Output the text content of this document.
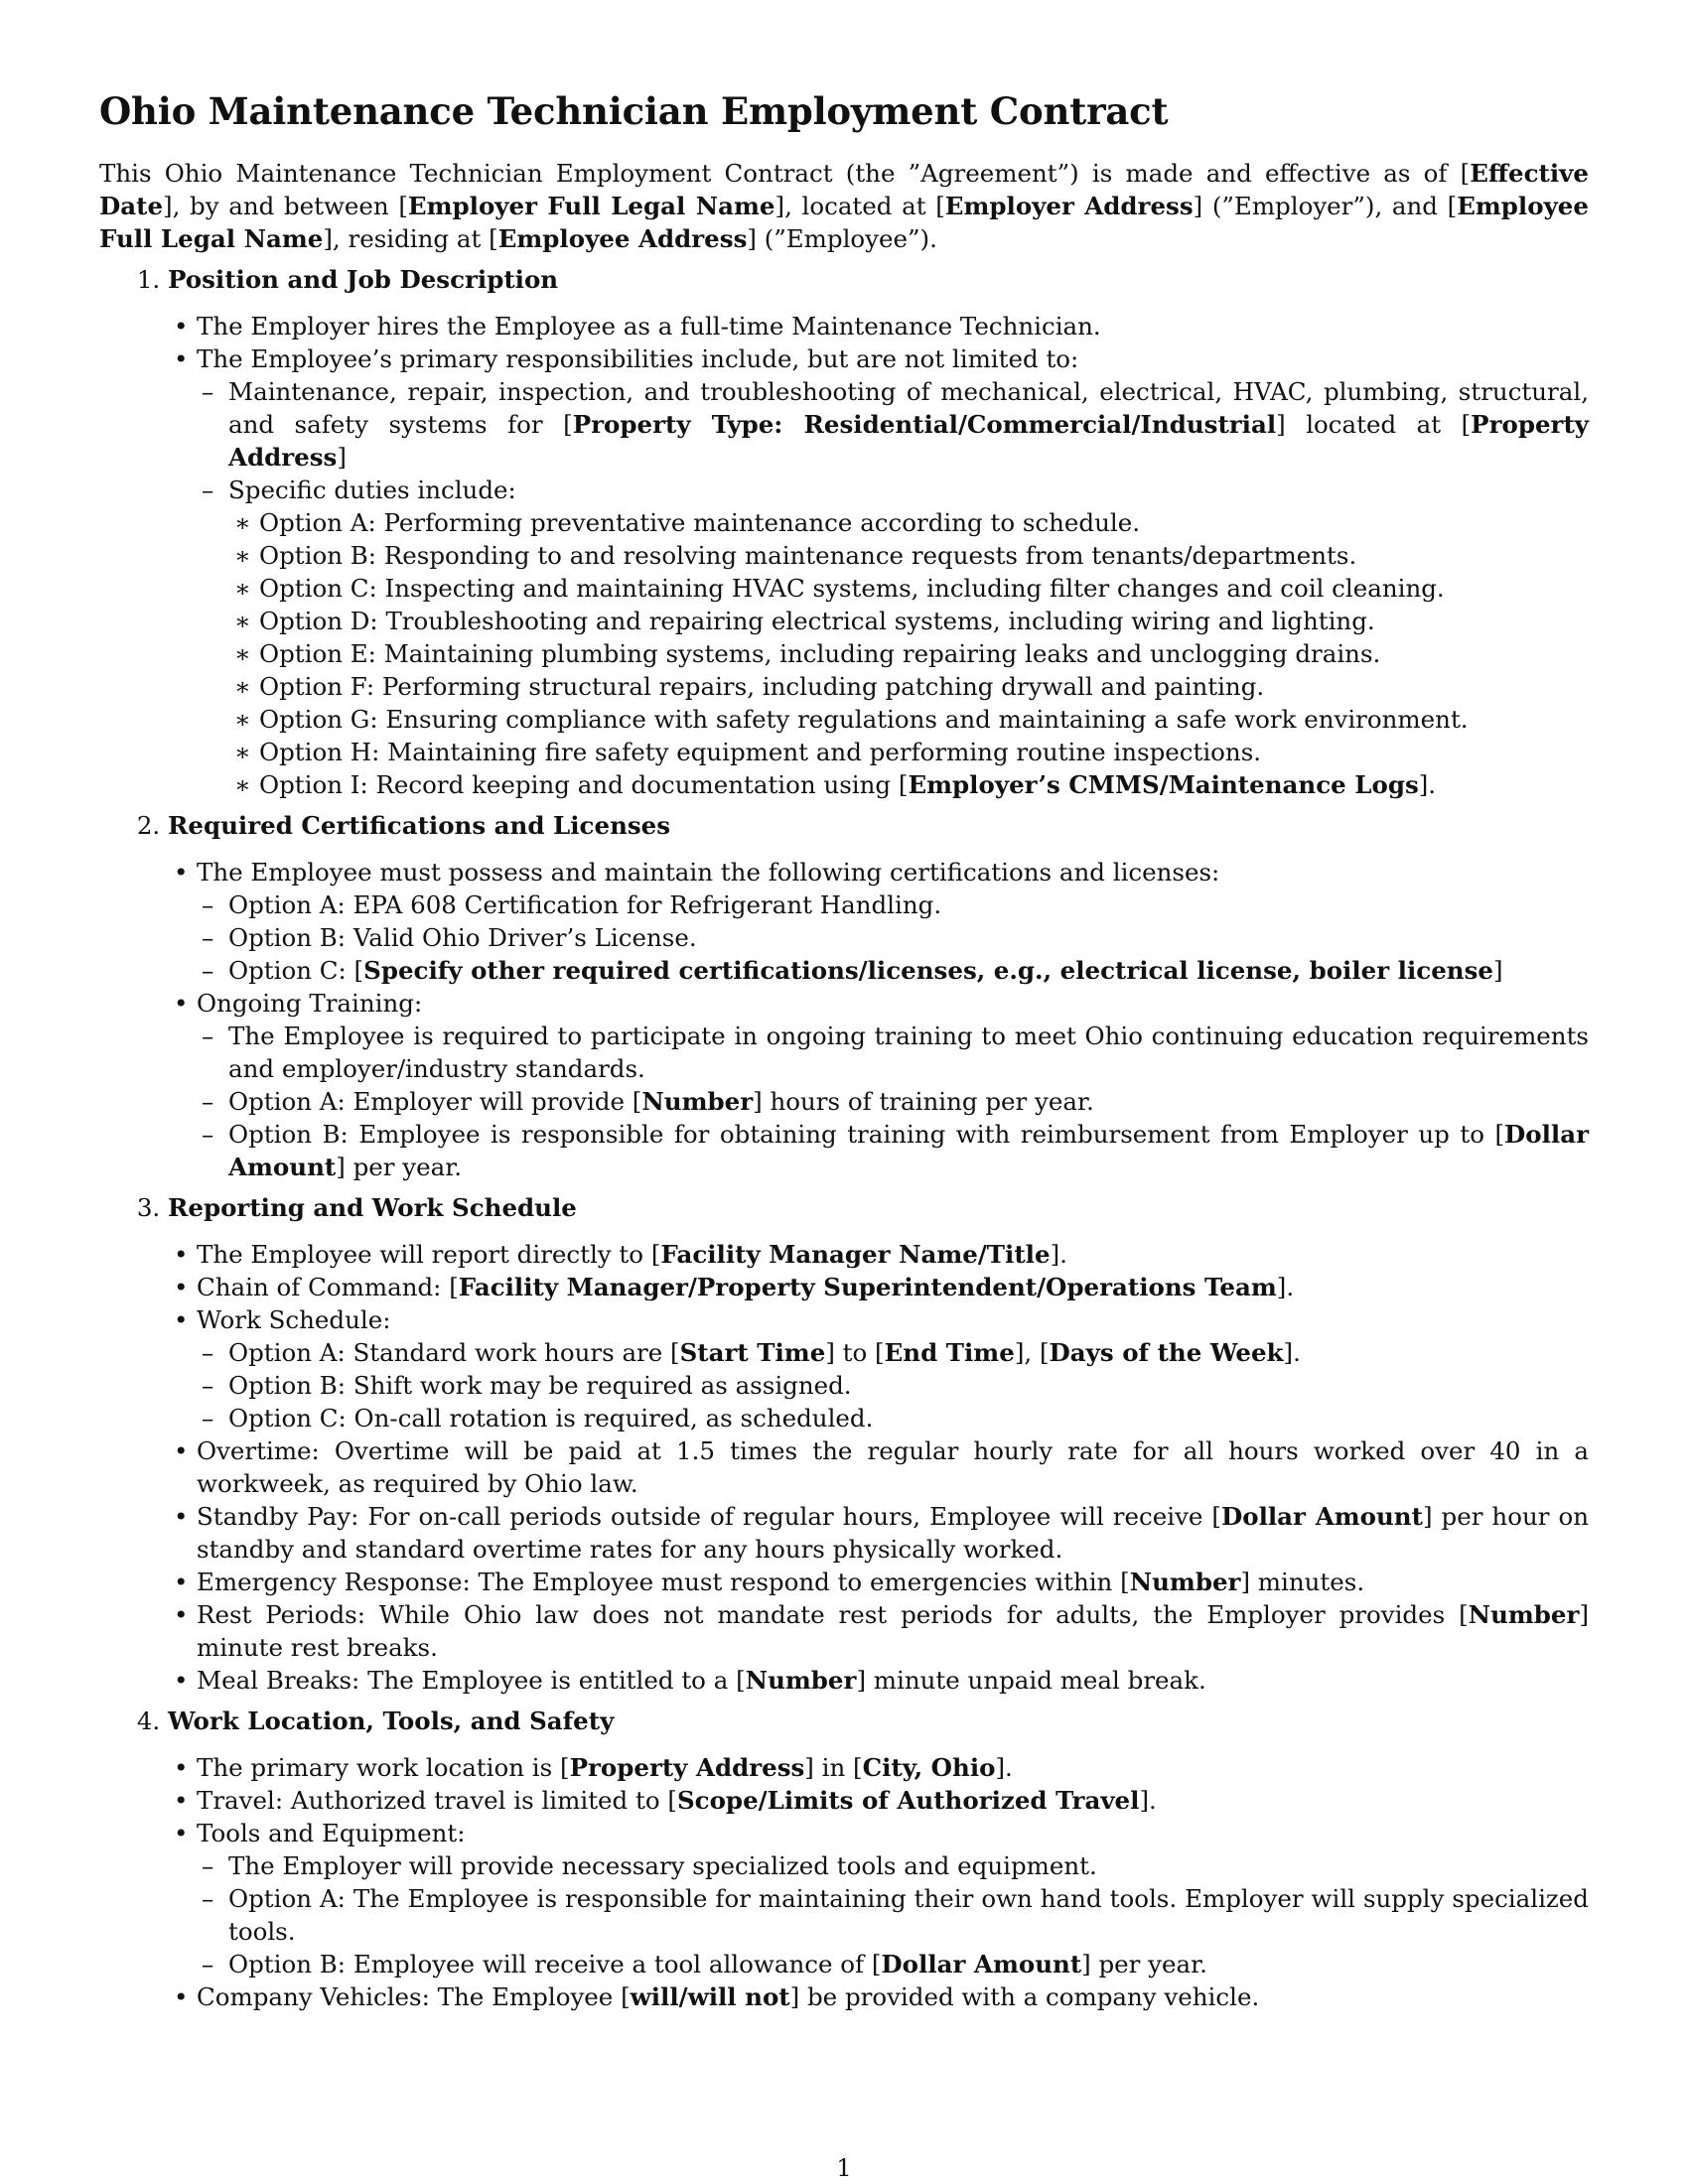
Ohio Maintenance Technician Employment Contract

This Ohio Maintenance Technician Employment Contract (the ”Agreement”) is made and effective as of [Effective Date], by and between [Employer Full Legal Name], located at [Employer Address] (”Employer”), and [Employee Full Legal Name], residing at [Employee Address] (”Employee”).

1. Position and Job Description
• The Employer hires the Employee as a full-time Maintenance Technician.
• The Employee’s primary responsibilities include, but are not limited to:
– Maintenance, repair, inspection, and troubleshooting of mechanical, electrical, HVAC, plumbing, structural, and safety systems for [Property Type: Residential/Commercial/Industrial] located at [Property Address]
– Specific duties include:
∗ Option A: Performing preventative maintenance according to schedule.
∗ Option B: Responding to and resolving maintenance requests from tenants/departments.
∗ Option C: Inspecting and maintaining HVAC systems, including filter changes and coil cleaning.
∗ Option D: Troubleshooting and repairing electrical systems, including wiring and lighting.
∗ Option E: Maintaining plumbing systems, including repairing leaks and unclogging drains.
∗ Option F: Performing structural repairs, including patching drywall and painting.
∗ Option G: Ensuring compliance with safety regulations and maintaining a safe work environment.
∗ Option H: Maintaining fire safety equipment and performing routine inspections.
∗ Option I: Record keeping and documentation using [Employer’s CMMS/Maintenance Logs].
2. Required Certifications and Licenses
• The Employee must possess and maintain the following certifications and licenses:
– Option A: EPA 608 Certification for Refrigerant Handling.
– Option B: Valid Ohio Driver’s License.
– Option C: [Specify other required certifications/licenses, e.g., electrical license, boiler license]
• Ongoing Training:
– The Employee is required to participate in ongoing training to meet Ohio continuing education requirements and employer/industry standards.
– Option A: Employer will provide [Number] hours of training per year.
– Option B: Employee is responsible for obtaining training with reimbursement from Employer up to [Dollar Amount] per year.
3. Reporting and Work Schedule
• The Employee will report directly to [Facility Manager Name/Title].
• Chain of Command: [Facility Manager/Property Superintendent/Operations Team].
• Work Schedule:
– Option A: Standard work hours are [Start Time] to [End Time], [Days of the Week].
– Option B: Shift work may be required as assigned.
– Option C: On-call rotation is required, as scheduled.
• Overtime: Overtime will be paid at 1.5 times the regular hourly rate for all hours worked over 40 in a workweek, as required by Ohio law.
• Standby Pay: For on-call periods outside of regular hours, Employee will receive [Dollar Amount] per hour on standby and standard overtime rates for any hours physically worked.
• Emergency Response: The Employee must respond to emergencies within [Number] minutes.
• Rest Periods: While Ohio law does not mandate rest periods for adults, the Employer provides [Number] minute rest breaks.
• Meal Breaks: The Employee is entitled to a [Number] minute unpaid meal break.
4. Work Location, Tools, and Safety
• The primary work location is [Property Address] in [City, Ohio].
• Travel: Authorized travel is limited to [Scope/Limits of Authorized Travel].
• Tools and Equipment:
– The Employer will provide necessary specialized tools and equipment.
– Option A: The Employee is responsible for maintaining their own hand tools. Employer will supply specialized tools.
– Option B: Employee will receive a tool allowance of [Dollar Amount] per year.
• Company Vehicles: The Employee [will/will not] be provided with a company vehicle.
1
